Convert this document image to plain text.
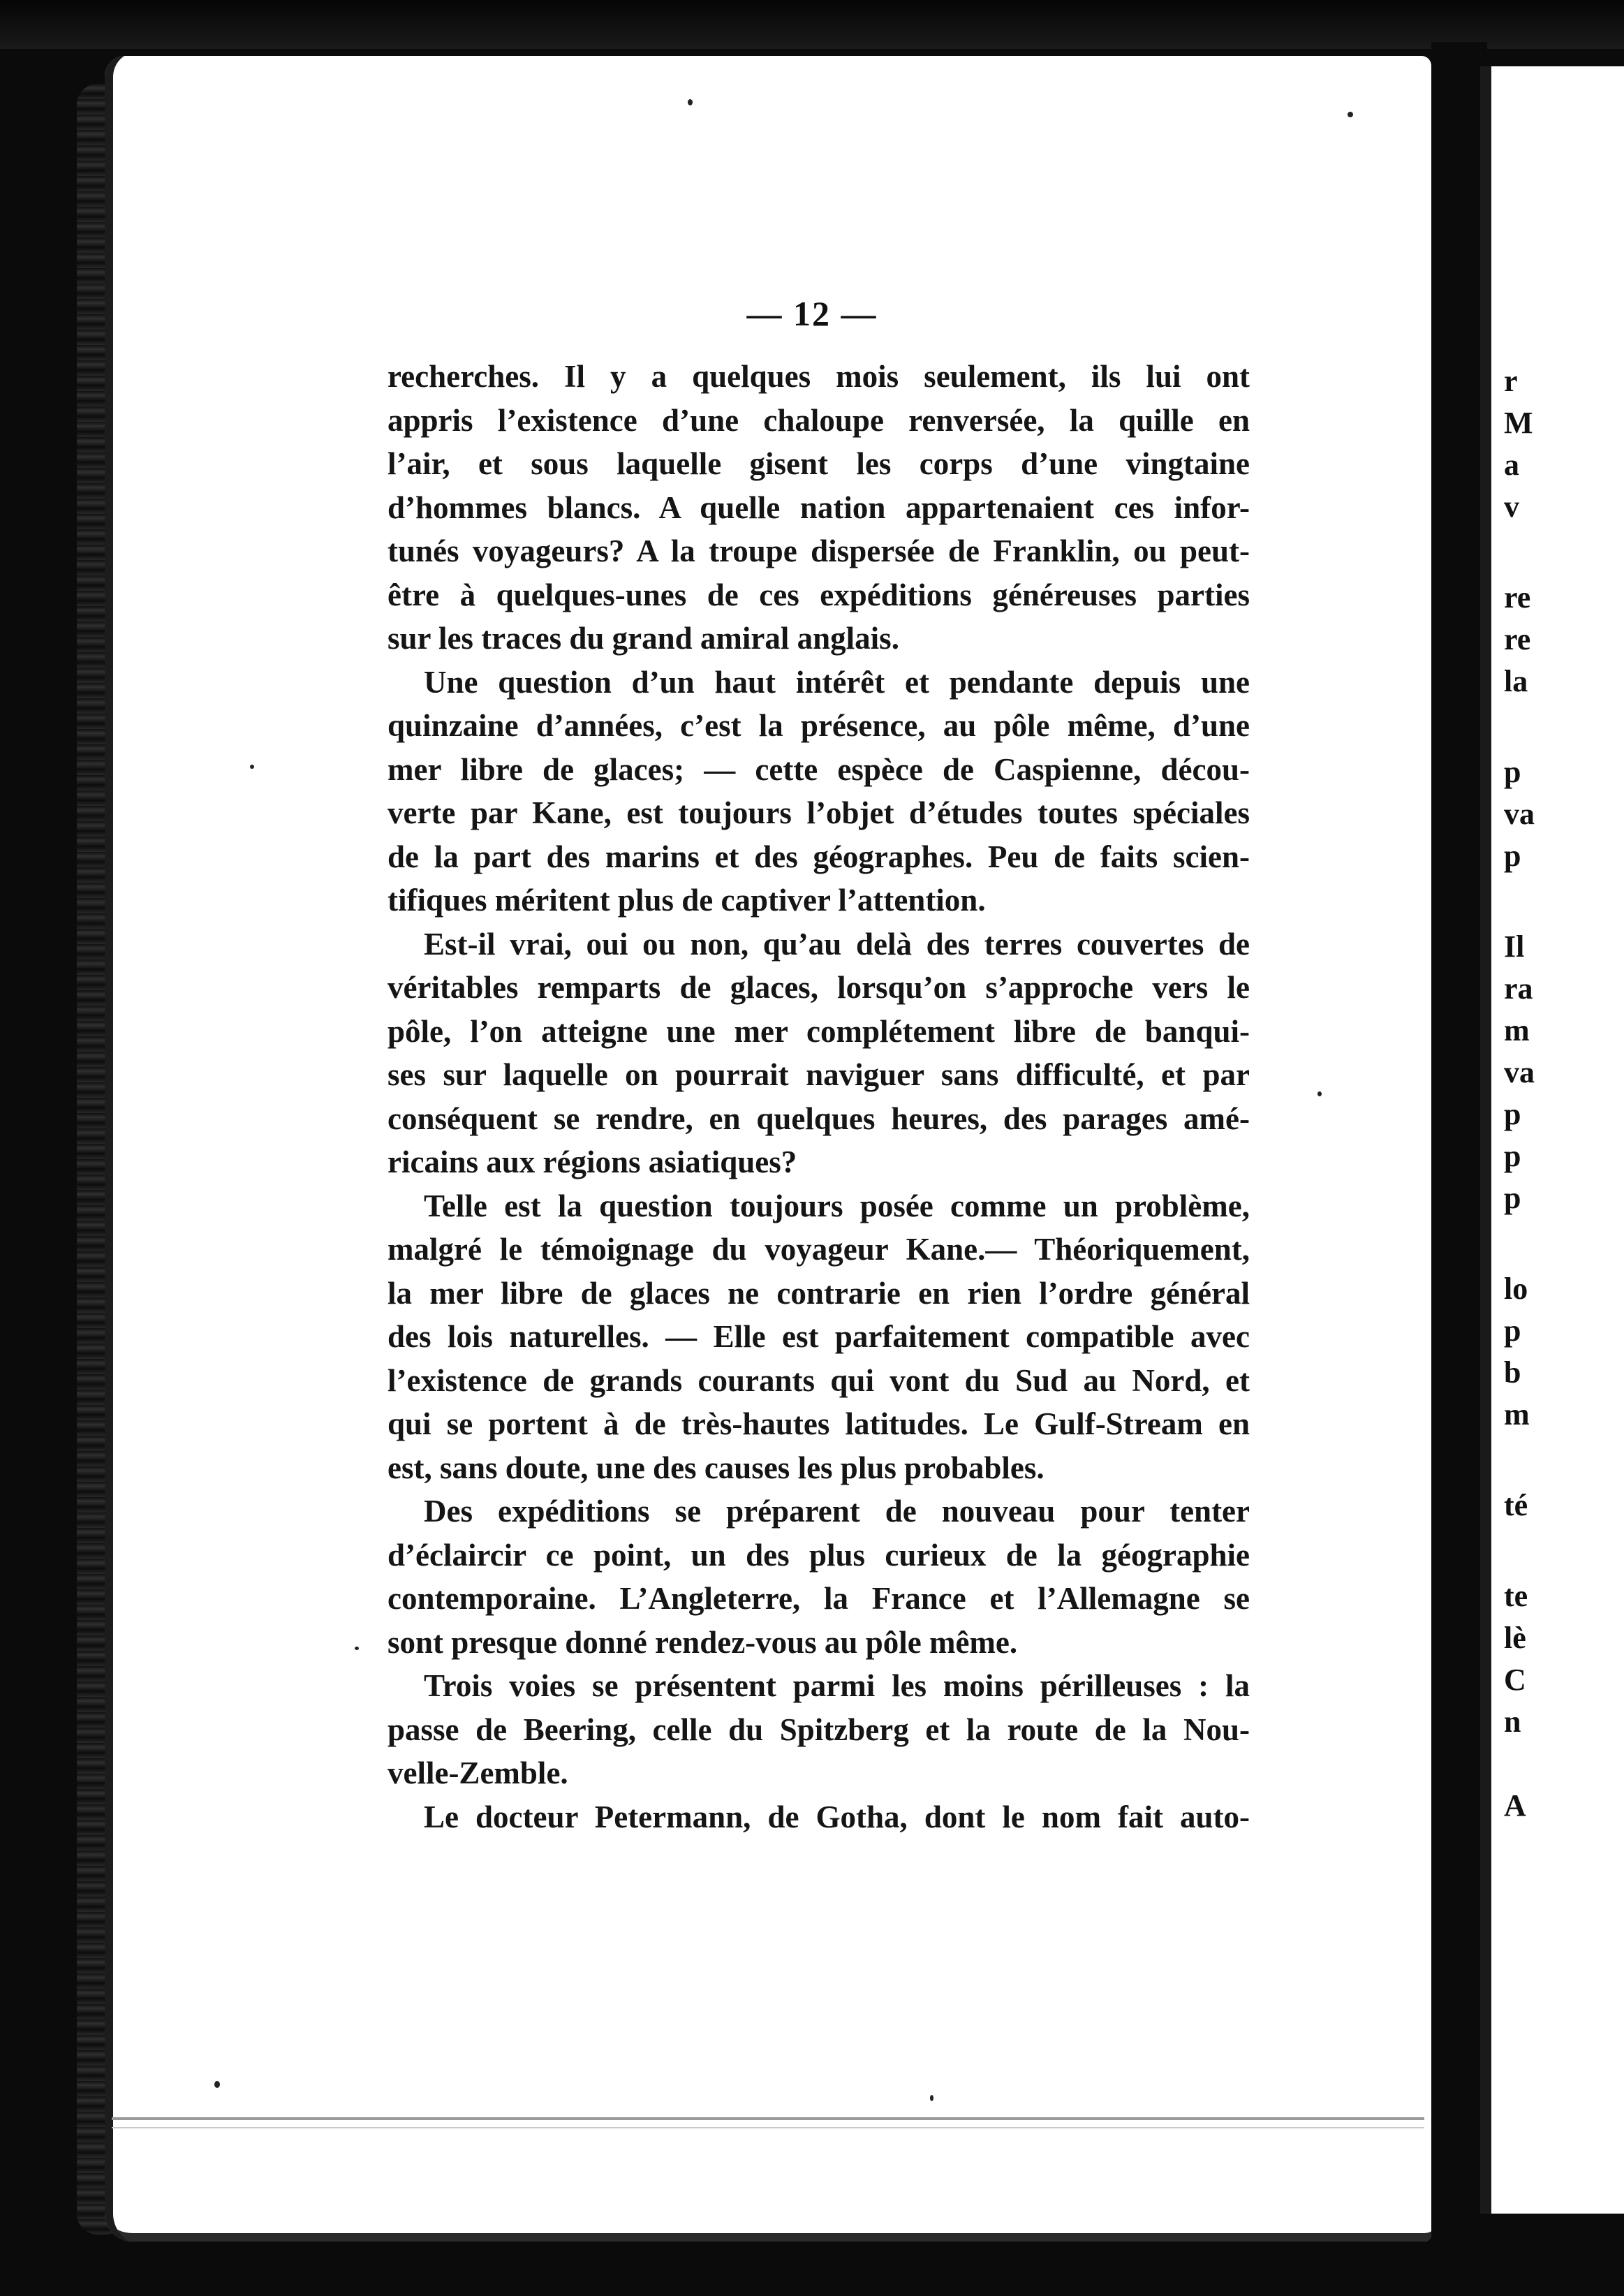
r
M
a
v
re
re
la
p
va
p
Il
ra
m
va
p
p
p
lo
p
b
m
té
te
lè
C
n
A
— 12 —
recherches. Il y a quelques mois seulement, ils lui ont
appris l’existence d’une chaloupe renversée, la quille en
l’air, et sous laquelle gisent les corps d’une vingtaine
d’hommes blancs. A quelle nation appartenaient ces infor-
tunés voyageurs? A la troupe dispersée de Franklin, ou peut-
être à quelques-unes de ces expéditions généreuses parties
sur les traces du grand amiral anglais.
Une question d’un haut intérêt et pendante depuis une
quinzaine d’années, c’est la présence, au pôle même, d’une
mer libre de glaces; — cette espèce de Caspienne, décou-
verte par Kane, est toujours l’objet d’études toutes spéciales
de la part des marins et des géographes. Peu de faits scien-
tifiques méritent plus de captiver l’attention.
Est-il vrai, oui ou non, qu’au delà des terres couvertes de
véritables remparts de glaces, lorsqu’on s’approche vers le
pôle, l’on atteigne une mer complétement libre de banqui-
ses sur laquelle on pourrait naviguer sans difficulté, et par
conséquent se rendre, en quelques heures, des parages amé-
ricains aux régions asiatiques?
Telle est la question toujours posée comme un problème,
malgré le témoignage du voyageur Kane.— Théoriquement,
la mer libre de glaces ne contrarie en rien l’ordre général
des lois naturelles. — Elle est parfaitement compatible avec
l’existence de grands courants qui vont du Sud au Nord, et
qui se portent à de très-hautes latitudes. Le Gulf-Stream en
est, sans doute, une des causes les plus probables.
Des expéditions se préparent de nouveau pour tenter
d’éclaircir ce point, un des plus curieux de la géographie
contemporaine. L’Angleterre, la France et l’Allemagne se
sont presque donné rendez-vous au pôle même.
Trois voies se présentent parmi les moins périlleuses : la
passe de Beering, celle du Spitzberg et la route de la Nou-
velle-Zemble.
Le docteur Petermann, de Gotha, dont le nom fait auto-
